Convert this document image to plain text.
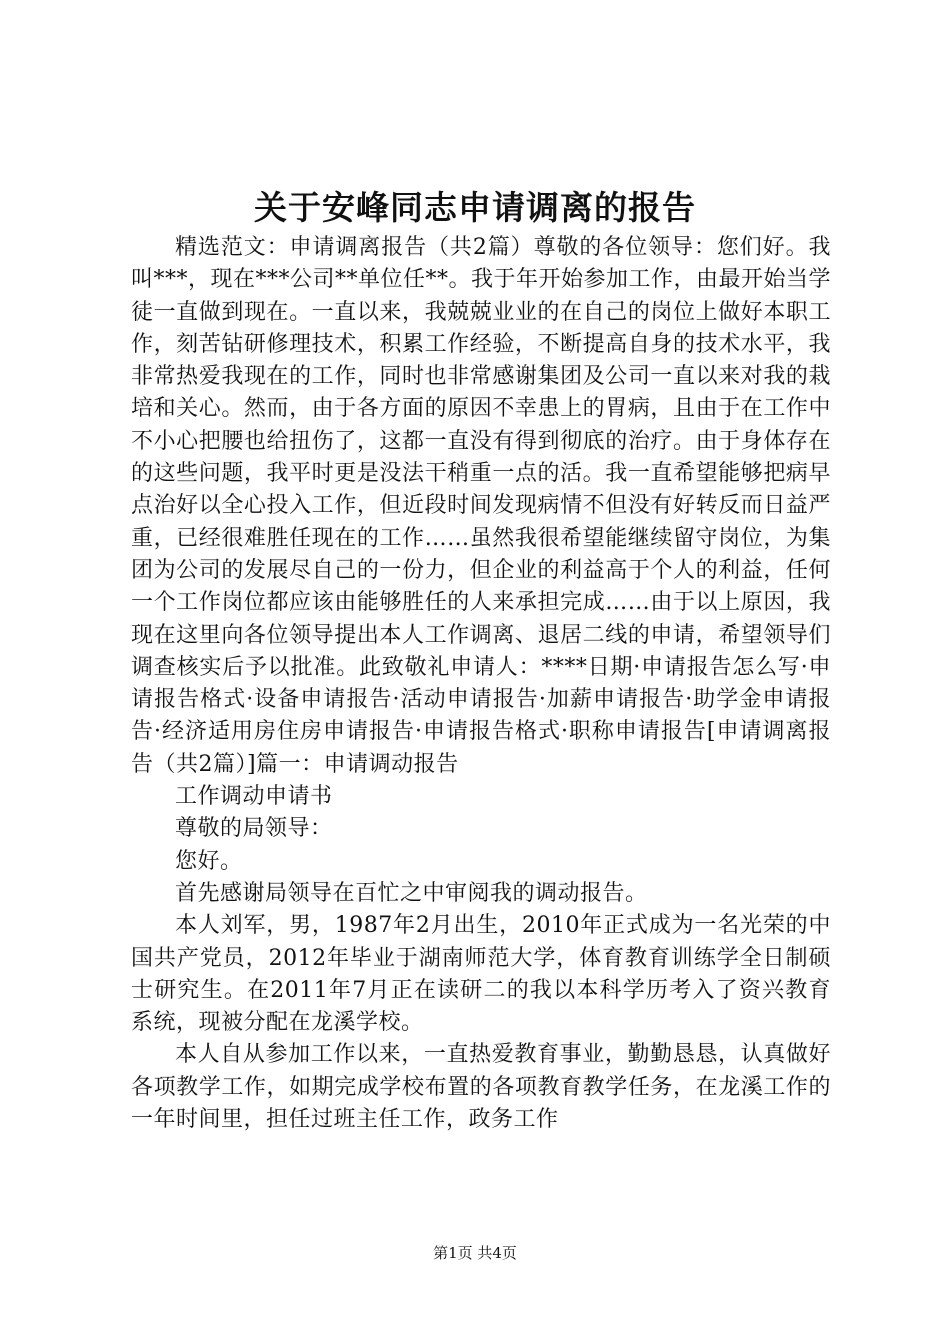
关于安峰同志申请调离的报告

精选范文：申请调离报告（共2篇）尊敬的各位领导：您们好。我叫***，现在***公司**单位任**。我于年开始参加工作，由最开始当学徒一直做到现在。一直以来，我兢兢业业的在自己的岗位上做好本职工作，刻苦钻研修理技术，积累工作经验，不断提高自身的技术水平，我非常热爱我现在的工作，同时也非常感谢集团及公司一直以来对我的栽培和关心。然而，由于各方面的原因不幸患上的胃病，且由于在工作中不小心把腰也给扭伤了，这都一直没有得到彻底的治疗。由于身体存在的这些问题，我平时更是没法干稍重一点的活。我一直希望能够把病早点治好以全心投入工作，但近段时间发现病情不但没有好转反而日益严重，已经很难胜任现在的工作……虽然我很希望能继续留守岗位，为集团为公司的发展尽自己的一份力，但企业的利益高于个人的利益，任何一个工作岗位都应该由能够胜任的人来承担完成……由于以上原因，我现在这里向各位领导提出本人工作调离、退居二线的申请，希望领导们调查核实后予以批准。此致敬礼申请人：****日期·申请报告怎么写·申请报告格式·设备申请报告·活动申请报告·加薪申请报告·助学金申请报告·经济适用房住房申请报告·申请报告格式·职称申请报告[申请调离报告（共2篇）]篇一：申请调动报告

工作调动申请书

尊敬的局领导：

您好。

首先感谢局领导在百忙之中审阅我的调动报告。

本人刘军，男，1987年2月出生，2010年正式成为一名光荣的中国共产党员，2012年毕业于湖南师范大学，体育教育训练学全日制硕士研究生。在2011年7月正在读研二的我以本科学历考入了资兴教育系统，现被分配在龙溪学校。

本人自从参加工作以来，一直热爱教育事业，勤勤恳恳，认真做好各项教学工作，如期完成学校布置的各项教育教学任务，在龙溪工作的一年时间里，担任过班主任工作，政务工作

第1页 共4页
